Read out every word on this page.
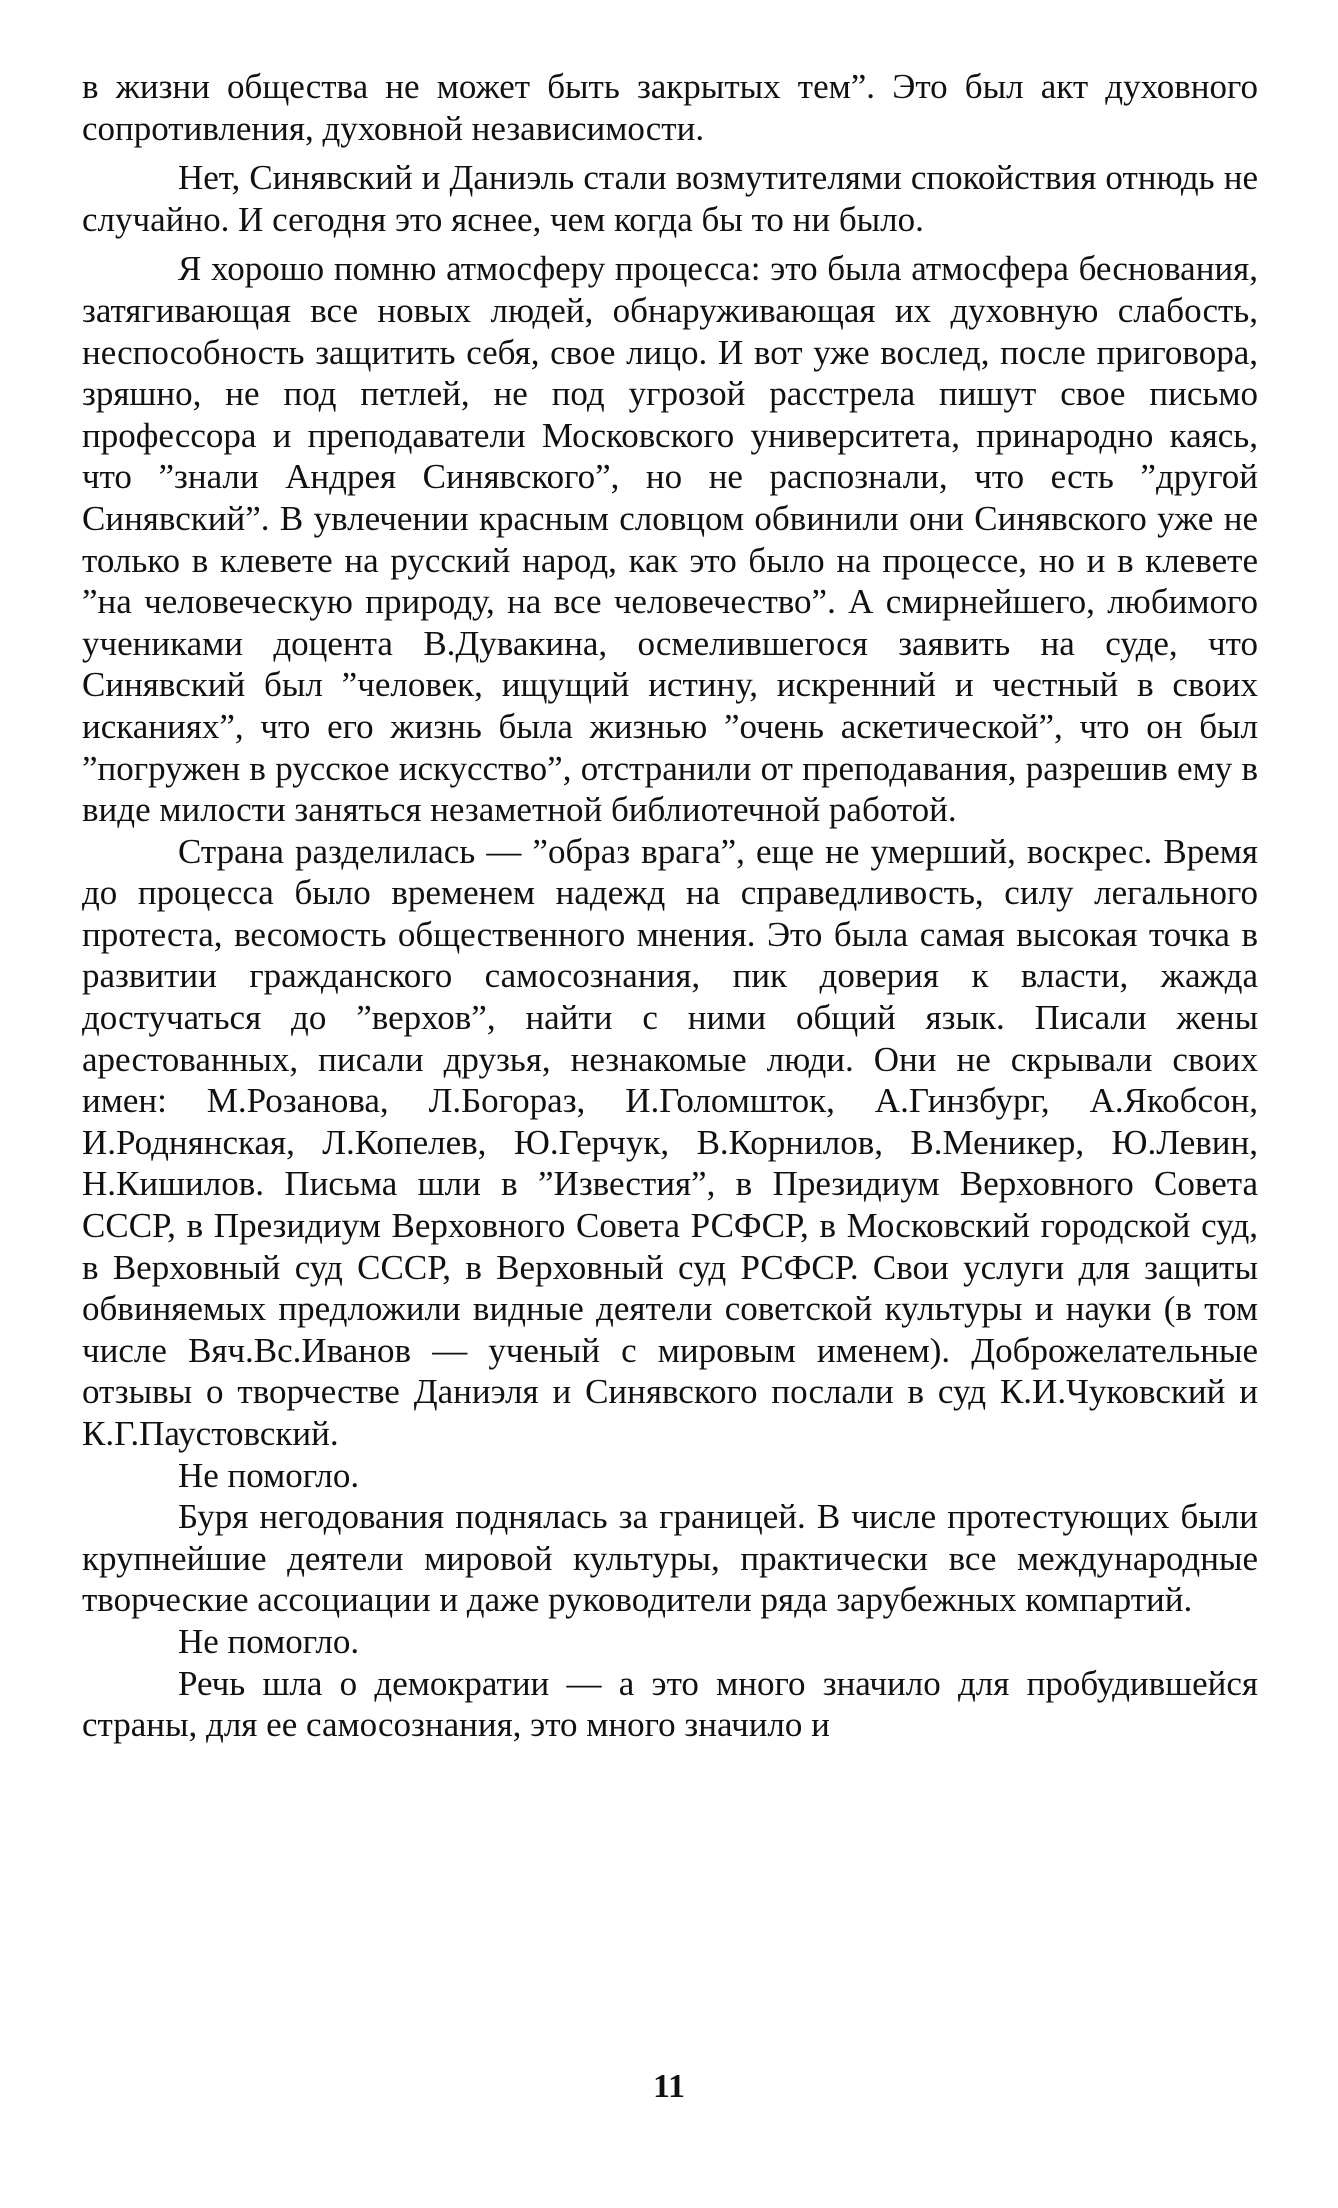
в жизни общества не может быть закрытых тем”. Это был акт духовного сопротивления, духовной независимости.

Нет, Синявский и Даниэль стали возмутителями спокойствия отнюдь не случайно. И сегодня это яснее, чем когда бы то ни было.

Я хорошо помню атмосферу процесса: это была атмосфера беснования, затягивающая все новых людей, обнаруживающая их духовную слабость, неспособность защитить себя, свое лицо. И вот уже вослед, после приговора, зряшно, не под петлей, не под угрозой расстрела пишут свое письмо профессора и преподаватели Московского университета, принародно каясь, что ”знали Андрея Синявского”, но не распознали, что есть ”другой Синявский”. В увлечении красным словцом обвинили они Синявского уже не только в клевете на русский народ, как это было на процессе, но и в клевете ”на человеческую природу, на все человечество”. А смирнейшего, любимого учениками доцента В.Дувакина, осмелившегося заявить на суде, что Синявский был ”человек, ищущий истину, искренний и честный в своих исканиях”, что его жизнь была жизнью ”очень аскетической”, что он был ”погружен в русское искусство”, отстранили от преподавания, разрешив ему в виде милости заняться незаметной библиотечной работой.

Страна разделилась — ”образ врага”, еще не умерший, воскрес. Время до процесса было временем надежд на справедливость, силу легального протеста, весомость общественного мнения. Это была самая высокая точка в развитии гражданского самосознания, пик доверия к власти, жажда достучаться до ”верхов”, найти с ними общий язык. Писали жены арестованных, писали друзья, незнакомые люди. Они не скрывали своих имен: М.Розанова, Л.Богораз, И.Голомшток, А.Гинзбург, А.Якобсон, И.Роднянская, Л.Копелев, Ю.Герчук, В.Корнилов, В.Меникер, Ю.Левин, Н.Кишилов. Письма шли в ”Известия”, в Президиум Верховного Совета СССР, в Президиум Верховного Совета РСФСР, в Московский городской суд, в Верховный суд СССР, в Верховный суд РСФСР. Свои услуги для защиты обвиняемых предложили видные деятели советской культуры и науки (в том числе Вяч.Вс.Иванов — ученый с мировым именем). Доброжелательные отзывы о творчестве Даниэля и Синявского послали в суд К.И.Чуковский и К.Г.Паустовский.

Не помогло.

Буря негодования поднялась за границей. В числе протестующих были крупнейшие деятели мировой культуры, практически все международные творческие ассоциации и даже руководители ряда зарубежных компартий.

Не помогло.

Речь шла о демократии — а это много значило для пробудившейся страны, для ее самосознания, это много значило и

11
